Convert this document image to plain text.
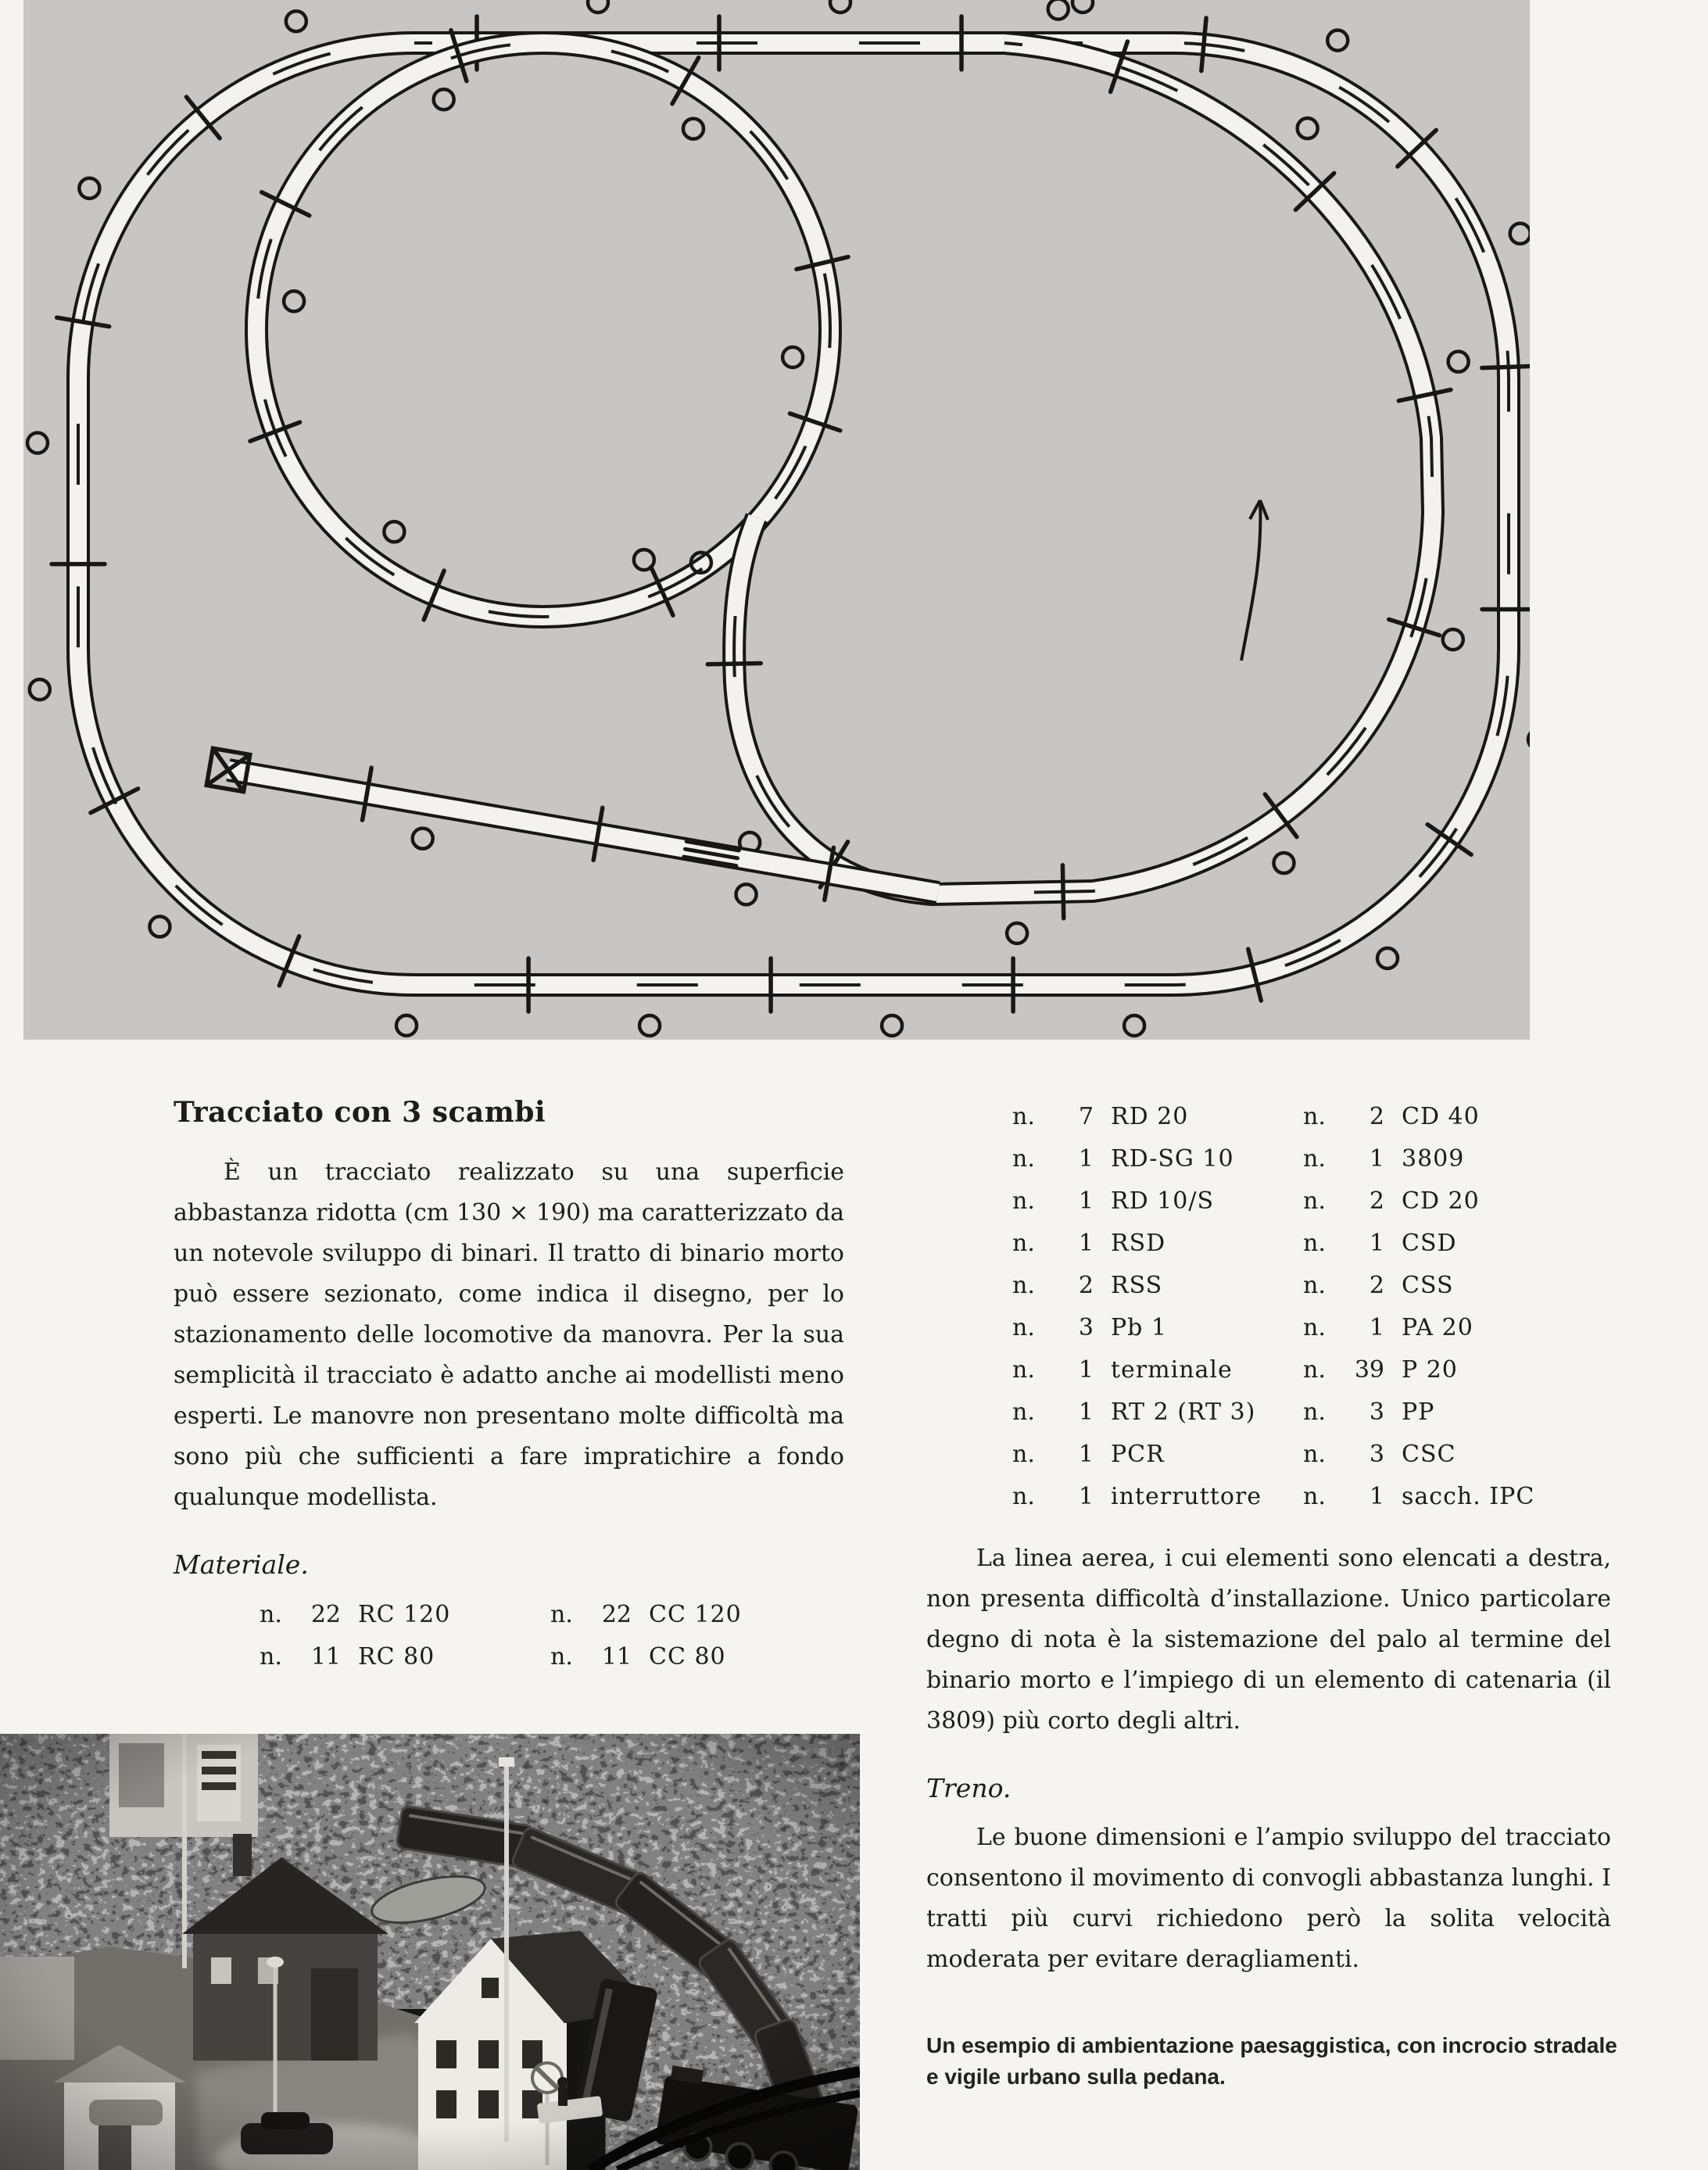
Tracciato con 3 scambi

È un tracciato realizzato su una superficie abbastanza ridotta (cm 130 × 190) ma caratterizzato da un notevole sviluppo di binari. Il tratto di binario morto può essere sezionato, come indica il disegno, per lo stazionamento delle locomotive da manovra. Per la sua semplicità il tracciato è adatto anche ai modellisti meno esperti. Le manovre non presentano molte difficoltà ma sono più che sufficienti a fare impratichire a fondo qualunque modellista.

Materiale.
n.	22 RC 120	n.	22 CC 120
n.	11 RC 80	n.	11 CC 80
n.	7 RD 20	n.	2 CD 40
n.	1 RD-SG 10	n.	1 3809
n.	1 RD 10/S	n.	2 CD 20
n.	1 RSD	n.	1 CSD
n.	2 RSS	n.	2 CSS
n.	3 Pb 1	n.	1 PA 20
n.	1 terminale	n.	39 P 20
n.	1 RT 2 (RT 3) n.	3 PP
n.	1 PCR	n.	3 CSC
n.	1 interruttore n.	1 sacch. IPC

La linea aerea, i cui elementi sono elencati a destra, non presenta difficoltà d’installazione. Unico particolare degno di nota è la sistemazione del palo al termine del binario morto e l’impiego di un elemento di catenaria (il 3809) più corto degli altri.

Treno.

Le buone dimensioni e l’ampio sviluppo del tracciato consentono il movimento di convogli abbastanza lunghi. I tratti più curvi richiedono però la solita velocità moderata per evitare deragliamenti.

Un esempio di ambientazione paesaggistica, con incrocio stradale e vigile urbano sulla pedana.
